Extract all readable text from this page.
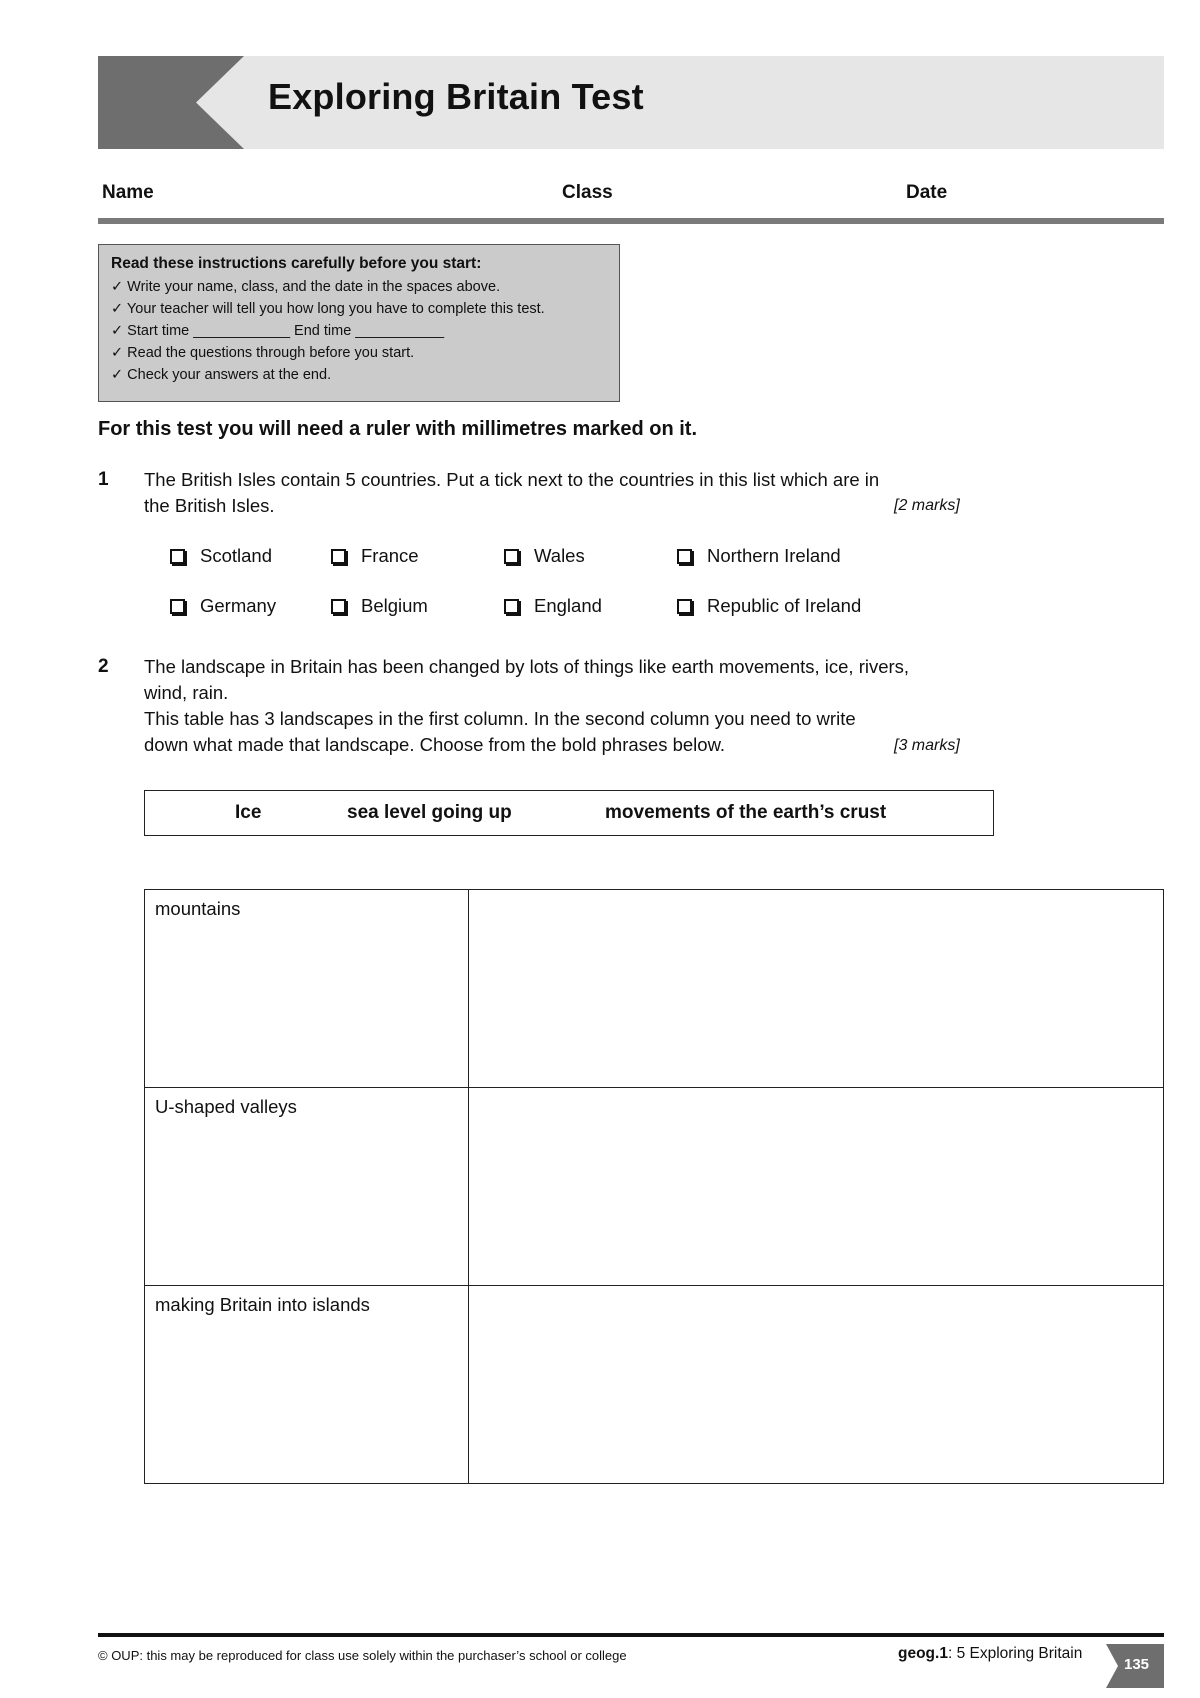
Exploring Britain Test
Name	Class	Date
Read these instructions carefully before you start:
✓ Write your name, class, and the date in the spaces above.
✓ Your teacher will tell you how long you have to complete this test.
✓ Start time ____________ End time ___________
✓ Read the questions through before you start.
✓ Check your answers at the end.
For this test you will need a ruler with millimetres marked on it.
1 The British Isles contain 5 countries. Put a tick next to the countries in this list which are in
the British Isles.	[2 marks]
Scotland	France	Wales	Northern Ireland
Germany	Belgium	England	Republic of Ireland
2 The landscape in Britain has been changed by lots of things like earth movements, ice, rivers,
wind, rain.
This table has 3 landscapes in the first column. In the second column you need to write
down what made that landscape. Choose from the bold phrases below.	[3 marks]
Ice	sea level going up	movements of the earth’s crust
mountains	
U-shaped valleys	
making Britain into islands	
© OUP: this may be reproduced for class use solely within the purchaser’s school or college	geog.1: 5 Exploring Britain
135
